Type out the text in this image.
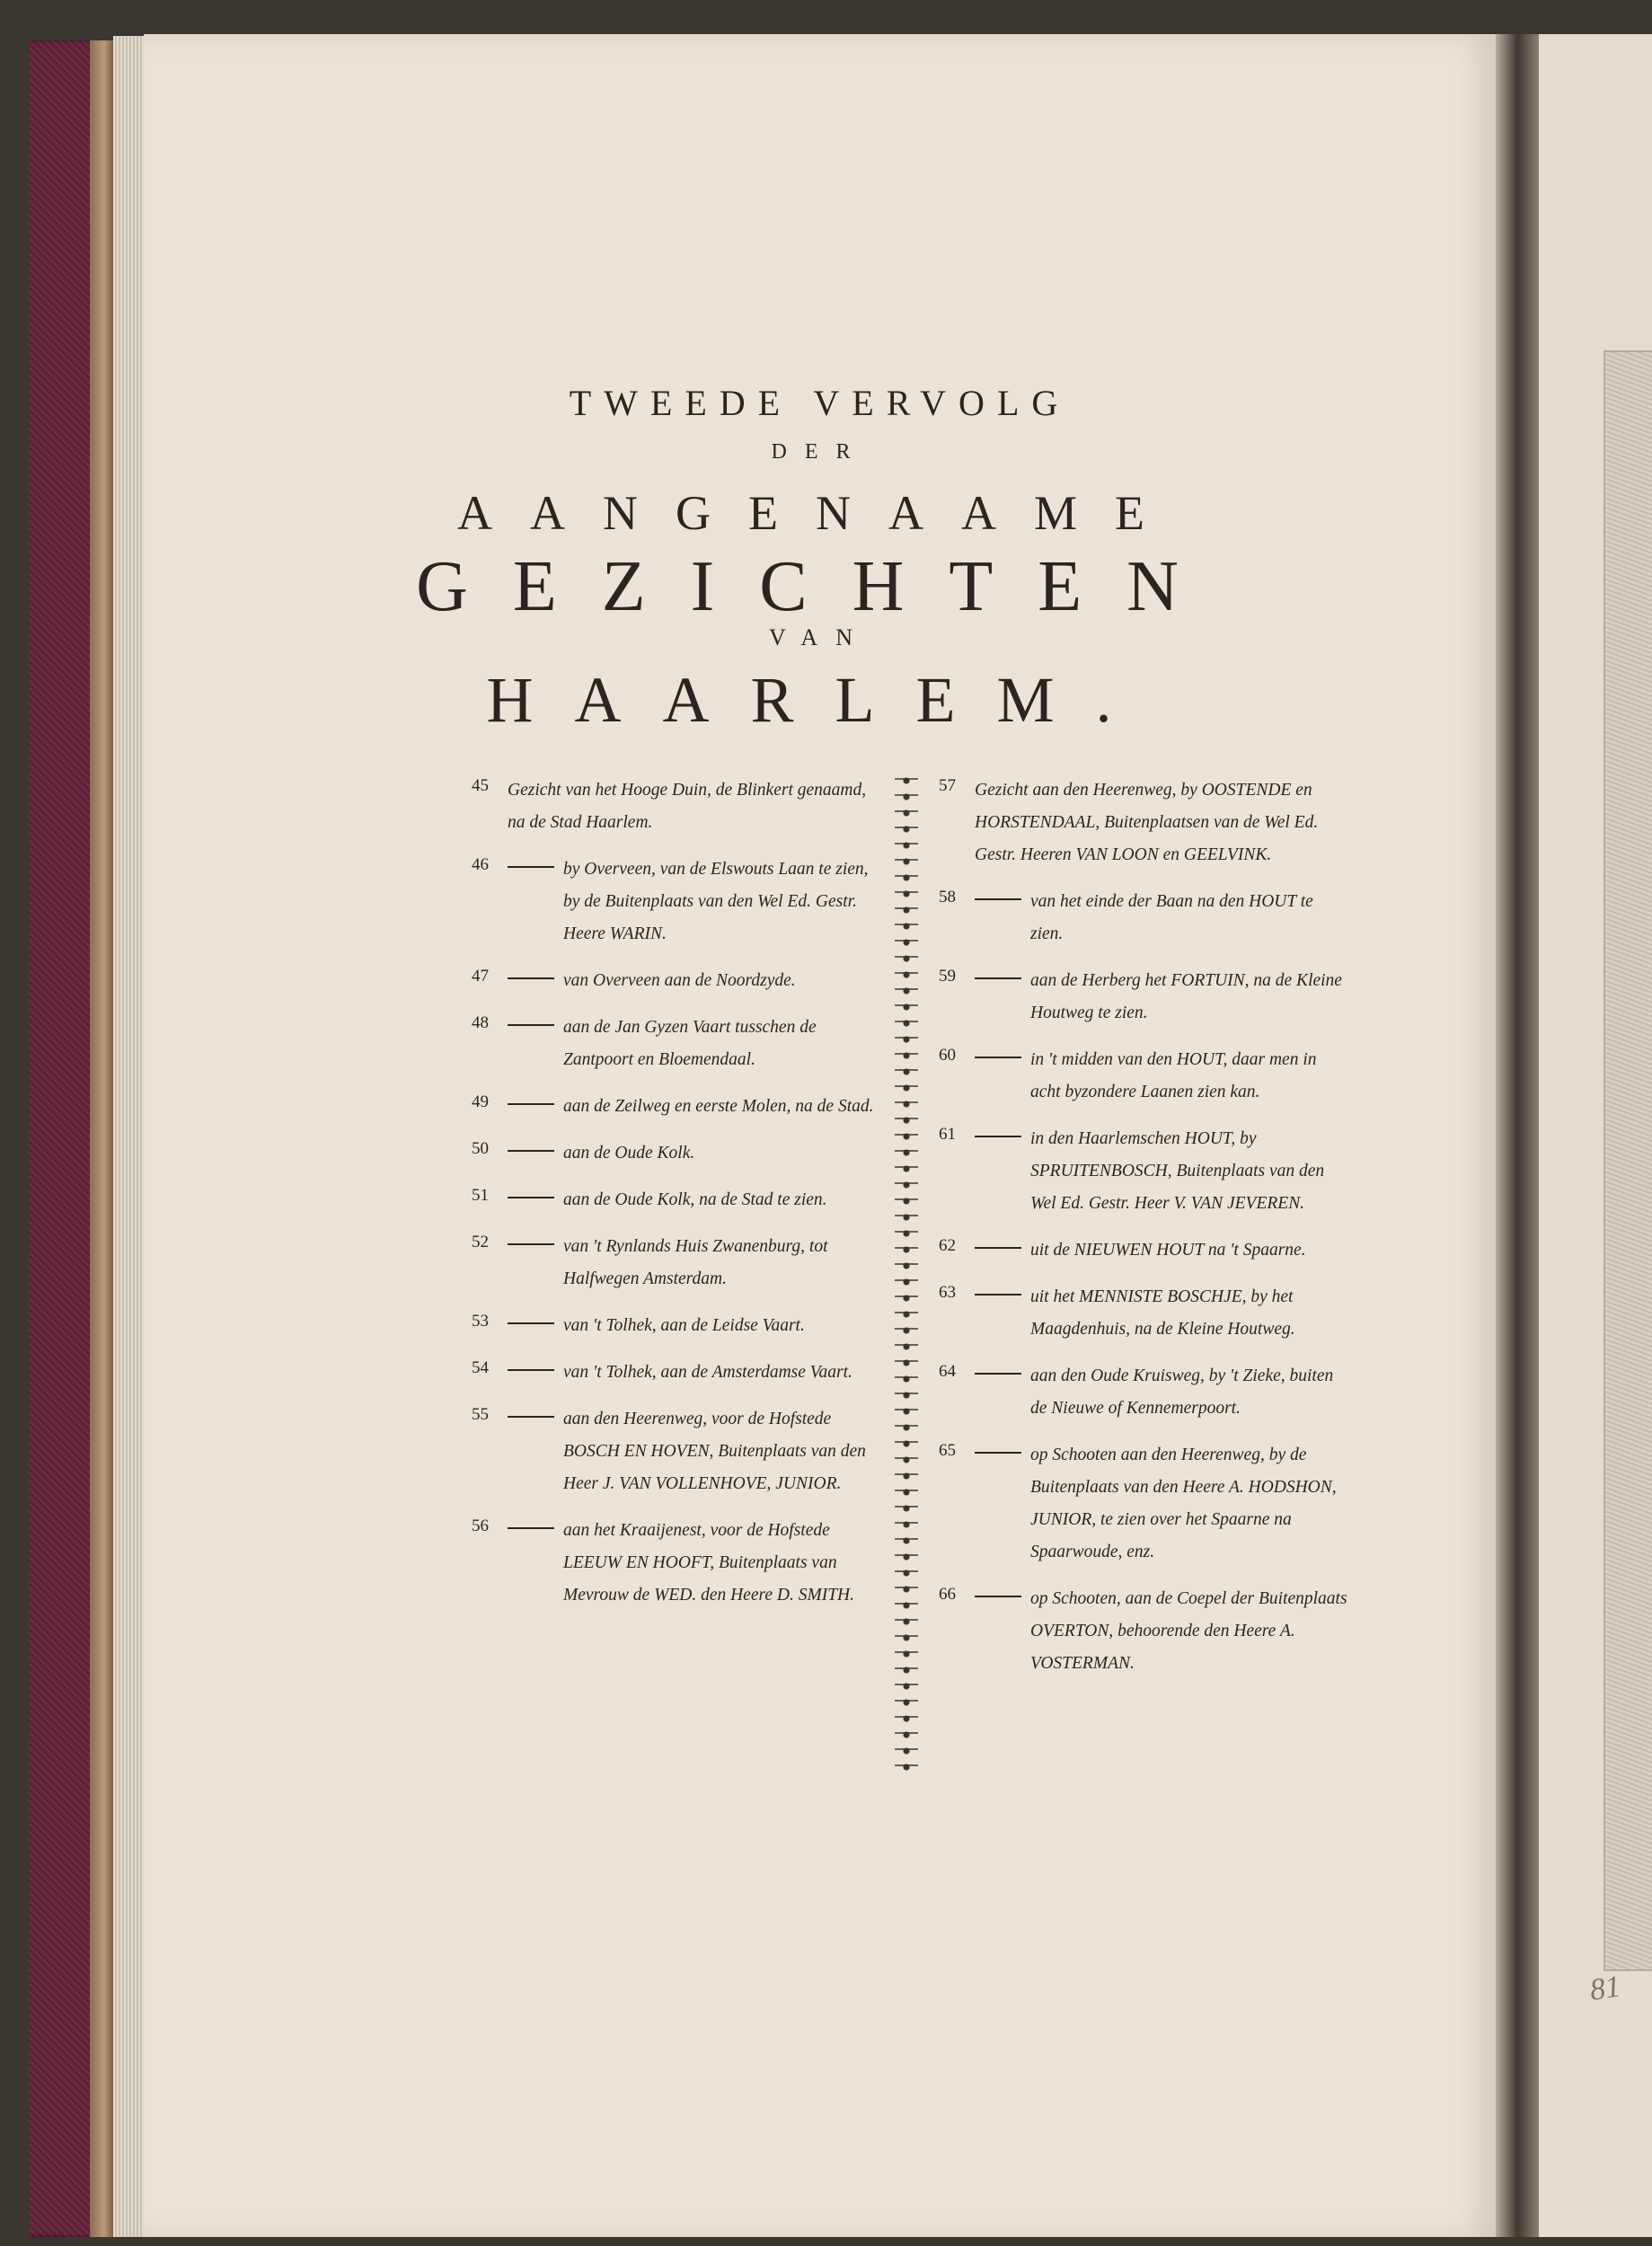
81
TWEEDE VERVOLG
DER
AANGENAAME
GEZICHTEN
VAN
HAARLEM.
45	Gezicht van het Hooge Duin, de Blinkert genaamd, na de Stad Haarlem.
46	by Overveen, van de Elswouts Laan te zien, by de Buitenplaats van den Wel Ed. Gestr. Heere WARIN.
47	van Overveen aan de Noordzyde.
48	aan de Jan Gyzen Vaart tusschen de Zantpoort en Bloemendaal.
49	aan de Zeilweg en eerste Molen, na de Stad.
50	aan de Oude Kolk.
51	aan de Oude Kolk, na de Stad te zien.
52	van 't Rynlands Huis Zwanenburg, tot Halfwegen Amsterdam.
53	van 't Tolhek, aan de Leidse Vaart.
54	van 't Tolhek, aan de Amsterdamse Vaart.
55	aan den Heerenweg, voor de Hofstede BOSCH EN HOVEN, Buitenplaats van den Heer J. VAN VOLLENHOVE, JUNIOR.
56	aan het Kraaijenest, voor de Hofstede LEEUW EN HOOFT, Buitenplaats van Mevrouw de WED. den Heere D. SMITH.
57	Gezicht aan den Heerenweg, by OOSTENDE en HORSTENDAAL, Buitenplaatsen van de Wel Ed. Gestr. Heeren VAN LOON en GEELVINK.
58	van het einde der Baan na den HOUT te zien.
59	aan de Herberg het FORTUIN, na de Kleine Houtweg te zien.
60	in 't midden van den HOUT, daar men in acht byzondere Laanen zien kan.
61	in den Haarlemschen HOUT, by SPRUITENBOSCH, Buitenplaats van den Wel Ed. Gestr. Heer V. VAN JEVEREN.
62	uit de NIEUWEN HOUT na 't Spaarne.
63	uit het MENNISTE BOSCHJE, by het Maagdenhuis, na de Kleine Houtweg.
64	aan den Oude Kruisweg, by 't Zieke, buiten de Nieuwe of Kennemerpoort.
65	op Schooten aan den Heerenweg, by de Buitenplaats van den Heere A. HODSHON, JUNIOR, te zien over het Spaarne na Spaarwoude, enz.
66	op Schooten, aan de Coepel der Buitenplaats OVERTON, behoorende den Heere A. VOSTERMAN.
